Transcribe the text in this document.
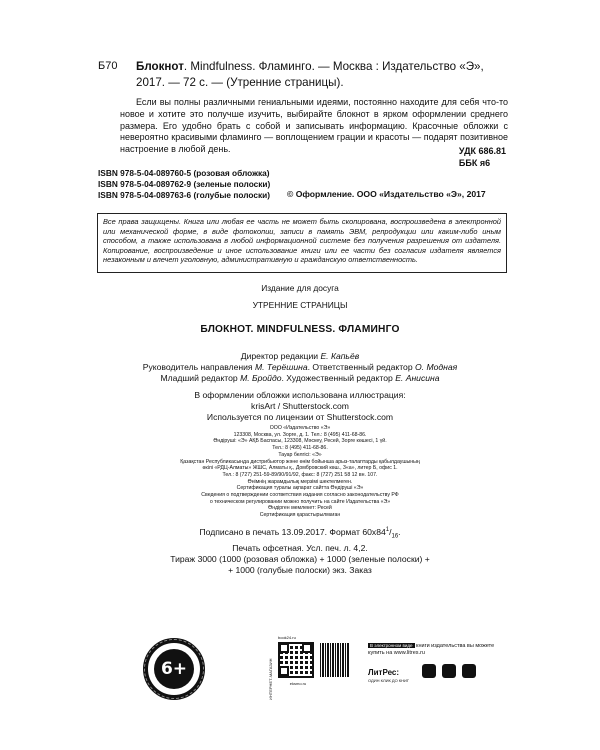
Б70 Блокнот. Mindfulness. Фламинго. — Москва : Издательство «Э», 2017. — 72 с. — (Утренние страницы).

Если вы полны различными гениальными идеями, постоянно находите для себя что-то новое и хотите это получше изучить, выбирайте блокнот в ярком оформлении среднего размера. Его удобно брать с собой и записывать информацию. Красочные обложки с невероятно красивыми фламинго — воплощением грации и красоты — подарят позитивное настроение в любой день.	УДК 686.81
ББК я6
ISBN 978-5-04-089760-5 (розовая обложка)
ISBN 978-5-04-089762-9 (зеленые полоски)
ISBN 978-5-04-089763-6 (голубые полоски) © Оформление. ООО «Издательство «Э», 2017
Все права защищены. Книга или любая ее часть не может быть скопирована, воспроизведена в электронной или механической форме, в виде фотокопии, записи в память ЭВМ, репродукции или каким-либо иным способом, а также использована в любой информационной системе без получения разрешения от издателя. Копирование, воспроизведение и иное использование книги или ее части без согласия издателя является незаконным и влечет уголовную, административную и гражданскую ответственность.
Издание для досуга
УТРЕННИЕ СТРАНИЦЫ
БЛОКНОТ. MINDFULNESS. ФЛАМИНГО
Директор редакции Е. Капьёв
Руководитель направления М. Терёшина. Ответственный редактор О. Модная
Младший редактор М. Бройдо. Художественный редактор Е. Анисина
В оформлении обложки использована иллюстрация:
krisArt / Shutterstock.com
Используется по лицензии от Shutterstock.com
ООО «Издательство «Э»
123308, Москва, ул. Зорге, д. 1. Тел.: 8 (495) 411-68-86.
Өндіруші: «Э» АҚБ Баспасы, 123308, Мәскеу, Ресей, Зорге көшесі, 1 үй.
Тел.: 8 (495) 411-68-86.
Тауар белгісі: «Э»
Қазақстан Республикасында дистрибьютор және өнім бойынша арыз-талаптарды қабылдаушының
өкілі «РДЦ-Алматы» ЖШС, Алматы қ., Домбровский көш., 3«а», литер Б, офис 1.
Тел.: 8 (727) 251-59-89/90/91/92, факс: 8 (727) 251 58 12 вн. 107.
Өнімнің жарамдылық мерзімі шектелмеген.
Сертификация туралы ақпарат сайтта Өндіруші «Э»
Сведения о подтверждении соответствия издания согласно законодательству РФ
о техническом регулировании можно получить на сайте Издательства «Э»
Өндірген мемлекет: Ресей
Сертификация қарастырылмаған
Подписано в печать 13.09.2017. Формат $60x84^1/_{16}$.
Печать офсетная. Усл. печ. л. 4,2.
Тираж 3000 (1000 (розовая обложка) + 1000 (зеленые полоски) +
+ 1000 (голубые полоски) экз. Заказ
6+	ИНТЕРНЕТ-МАГАЗИН
book24.ru
eksmo.ru
В электронном виде книги издательства вы можете купить на www.litres.ru
ЛитРес:
ОДИН КЛИК ДО КНИГ
